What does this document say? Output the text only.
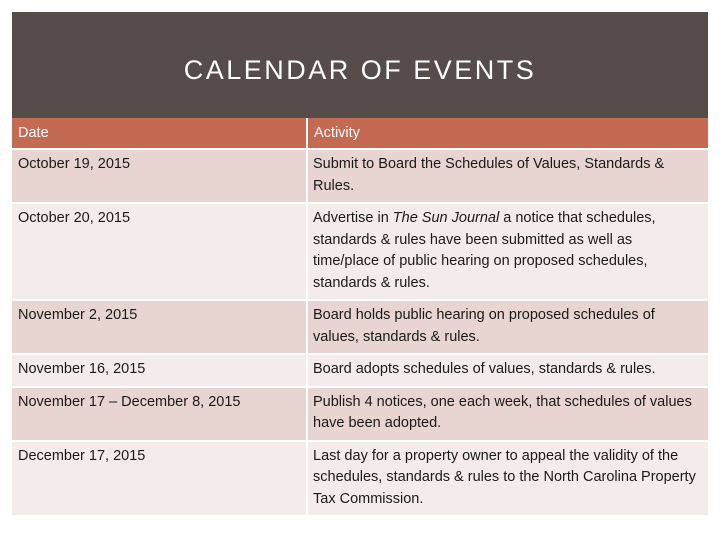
CALENDAR OF EVENTS
Date	Activity
October 19, 2015	Submit to Board the Schedules of Values, Standards & Rules.
October 20, 2015	Advertise in The Sun Journal a notice that schedules, standards & rules have been submitted as well as time/place of public hearing on proposed schedules, standards & rules.
November 2, 2015	Board holds public hearing on proposed schedules of values, standards & rules.
November 16, 2015	Board adopts schedules of values, standards & rules.
November 17 – December 8, 2015	Publish 4 notices, one each week, that schedules of values have been adopted.
December 17, 2015	Last day for a property owner to appeal the validity of the schedules, standards & rules to the North Carolina Property Tax Commission.
